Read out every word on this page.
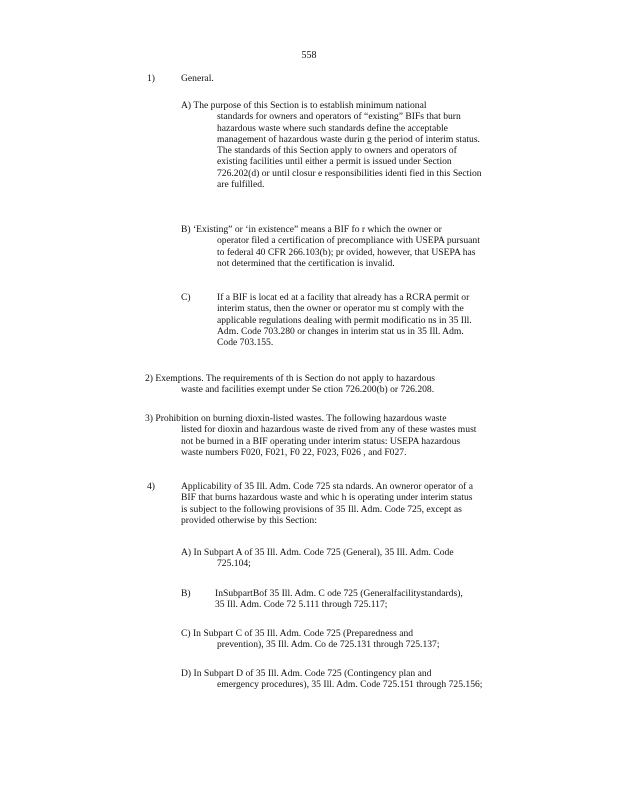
558
1)	General.
A) The purpose of this Section is to establish minimum national
standards for owners and operators of “existing” BIFs that burn
hazardous waste where such standards define the acceptable
management of hazardous waste durin g the period of interim status.
The standards of this Section apply to owners and operators of
existing facilities until either a permit is issued under Section
726.202(d) or until closur e responsibilities identi fied in this Section
are fulfilled.
B) ‘Existing” or ‘in existence” means a BIF fo r which the owner or
operator filed a certification of precompliance with USEPA pursuant
to federal 40 CFR 266.103(b); pr ovided, however, that USEPA has
not determined that the certification is invalid.
C)	If a BIF is locat ed at a facility that already has a RCRA permit or
interim status, then the owner or operator mu st comply with the
applicable regulations dealing with permit modificatio ns in 35 Ill.
Adm. Code 703.280 or changes in interim stat us in 35 Ill. Adm.
Code 703.155.
2) Exemptions. The requirements of th is Section do not apply to hazardous
waste and facilities exempt under Se ction 726.200(b) or 726.208.
3) Prohibition on burning dioxin-listed wastes. The following hazardous waste
listed for dioxin and hazardous waste de rived from any of these wastes must
not be burned in a BIF operating under interim status: USEPA hazardous
waste numbers F020, F021, F0 22, F023, F026 , and F027.
4)	Applicability of 35 Ill. Adm. Code 725 sta ndards. An owneror operator of a
BIF that burns hazardous waste and whic h is operating under interim status
is subject to the following provisions of 35 Ill. Adm. Code 725, except as
provided otherwise by this Section:
A) In Subpart A of 35 Ill. Adm. Code 725 (General), 35 Ill. Adm. Code
725.104;
B)	InSubpartBof 35 Ill. Adm. C ode 725 (Generalfacilitystandards),
35 Ill. Adm. Code 72 5.111 through 725.117;
C) In Subpart C of 35 Ill. Adm. Code 725 (Preparedness and
prevention), 35 Ill. Adm. Co de 725.131 through 725.137;
D) In Subpart D of 35 Ill. Adm. Code 725 (Contingency plan and
emergency procedures), 35 Ill. Adm. Code 725.151 through 725.156;
